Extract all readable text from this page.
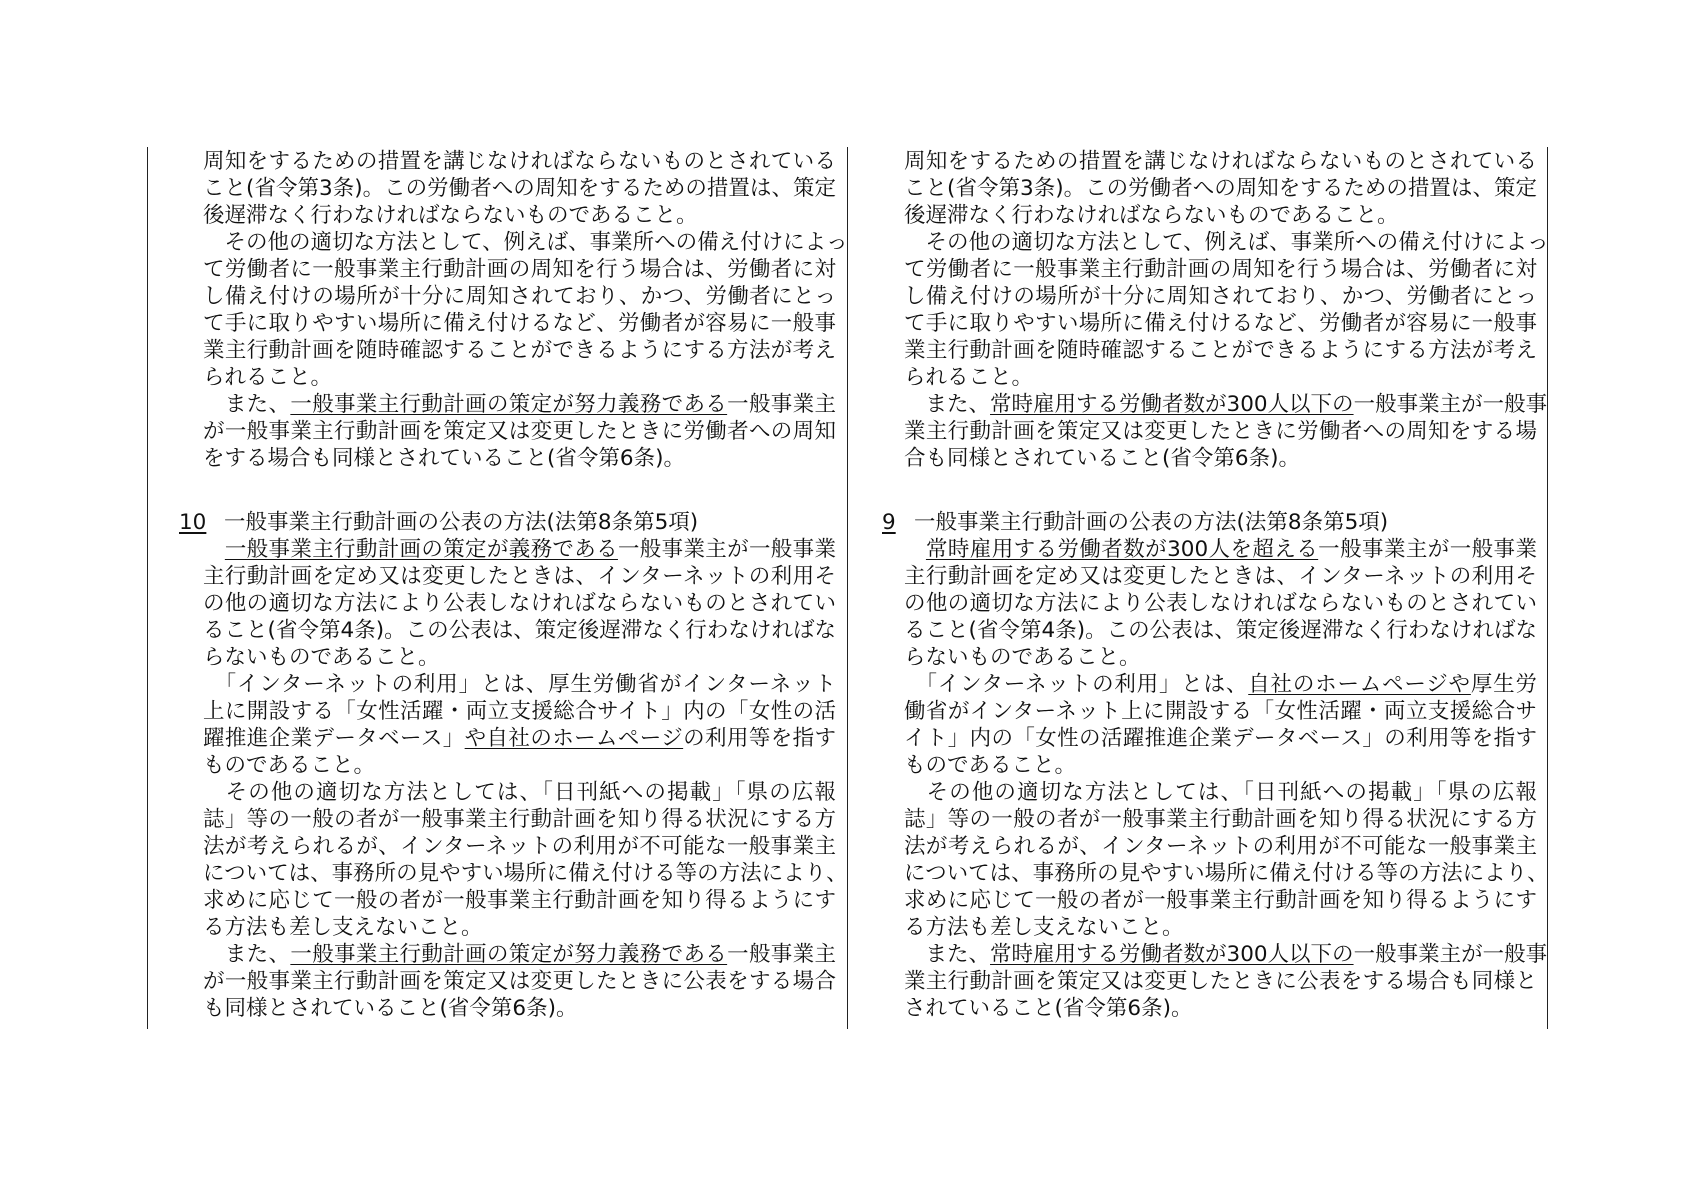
周知をするための措置を講じなければならないものとされている
こと(省令第3条)。この労働者への周知をするための措置は、策定
後遅滞なく行わなければならないものであること。
　その他の適切な方法として、例えば、事業所への備え付けによっ
て労働者に一般事業主行動計画の周知を行う場合は、労働者に対
し備え付けの場所が十分に周知されており、かつ、労働者にとっ
て手に取りやすい場所に備え付けるなど、労働者が容易に一般事
業主行動計画を随時確認することができるようにする方法が考え
られること。
　また、一般事業主行動計画の策定が努力義務である一般事業主
が一般事業主行動計画を策定又は変更したときに労働者への周知
をする場合も同様とされていること(省令第6条)。
10 一般事業主行動計画の公表の方法(法第8条第5項)
　一般事業主行動計画の策定が義務である一般事業主が一般事業
主行動計画を定め又は変更したときは、インターネットの利用そ
の他の適切な方法により公表しなければならないものとされてい
ること(省令第4条)。この公表は、策定後遅滞なく行わなければな
らないものであること。
　「インターネットの利用」とは、厚生労働省がインターネット
上に開設する「女性活躍・両立支援総合サイト」内の「女性の活
躍推進企業データベース」や自社のホームページの利用等を指す
ものであること。
　その他の適切な方法としては、「日刊紙への掲載」「県の広報
誌」等の一般の者が一般事業主行動計画を知り得る状況にする方
法が考えられるが、インターネットの利用が不可能な一般事業主
については、事務所の見やすい場所に備え付ける等の方法により、
求めに応じて一般の者が一般事業主行動計画を知り得るようにす
る方法も差し支えないこと。
　また、一般事業主行動計画の策定が努力義務である一般事業主
が一般事業主行動計画を策定又は変更したときに公表をする場合
も同様とされていること(省令第6条)。
周知をするための措置を講じなければならないものとされている
こと(省令第3条)。この労働者への周知をするための措置は、策定
後遅滞なく行わなければならないものであること。
　その他の適切な方法として、例えば、事業所への備え付けによっ
て労働者に一般事業主行動計画の周知を行う場合は、労働者に対
し備え付けの場所が十分に周知されており、かつ、労働者にとっ
て手に取りやすい場所に備え付けるなど、労働者が容易に一般事
業主行動計画を随時確認することができるようにする方法が考え
られること。
　また、常時雇用する労働者数が300人以下の一般事業主が一般事
業主行動計画を策定又は変更したときに労働者への周知をする場
合も同様とされていること(省令第6条)。
9 一般事業主行動計画の公表の方法(法第8条第5項)
　常時雇用する労働者数が300人を超える一般事業主が一般事業
主行動計画を定め又は変更したときは、インターネットの利用そ
の他の適切な方法により公表しなければならないものとされてい
ること(省令第4条)。この公表は、策定後遅滞なく行わなければな
らないものであること。
　「インターネットの利用」とは、自社のホームページや厚生労
働省がインターネット上に開設する「女性活躍・両立支援総合サ
イト」内の「女性の活躍推進企業データベース」の利用等を指す
ものであること。
　その他の適切な方法としては、「日刊紙への掲載」「県の広報
誌」等の一般の者が一般事業主行動計画を知り得る状況にする方
法が考えられるが、インターネットの利用が不可能な一般事業主
については、事務所の見やすい場所に備え付ける等の方法により、
求めに応じて一般の者が一般事業主行動計画を知り得るようにす
る方法も差し支えないこと。
　また、常時雇用する労働者数が300人以下の一般事業主が一般事
業主行動計画を策定又は変更したときに公表をする場合も同様と
されていること(省令第6条)。
